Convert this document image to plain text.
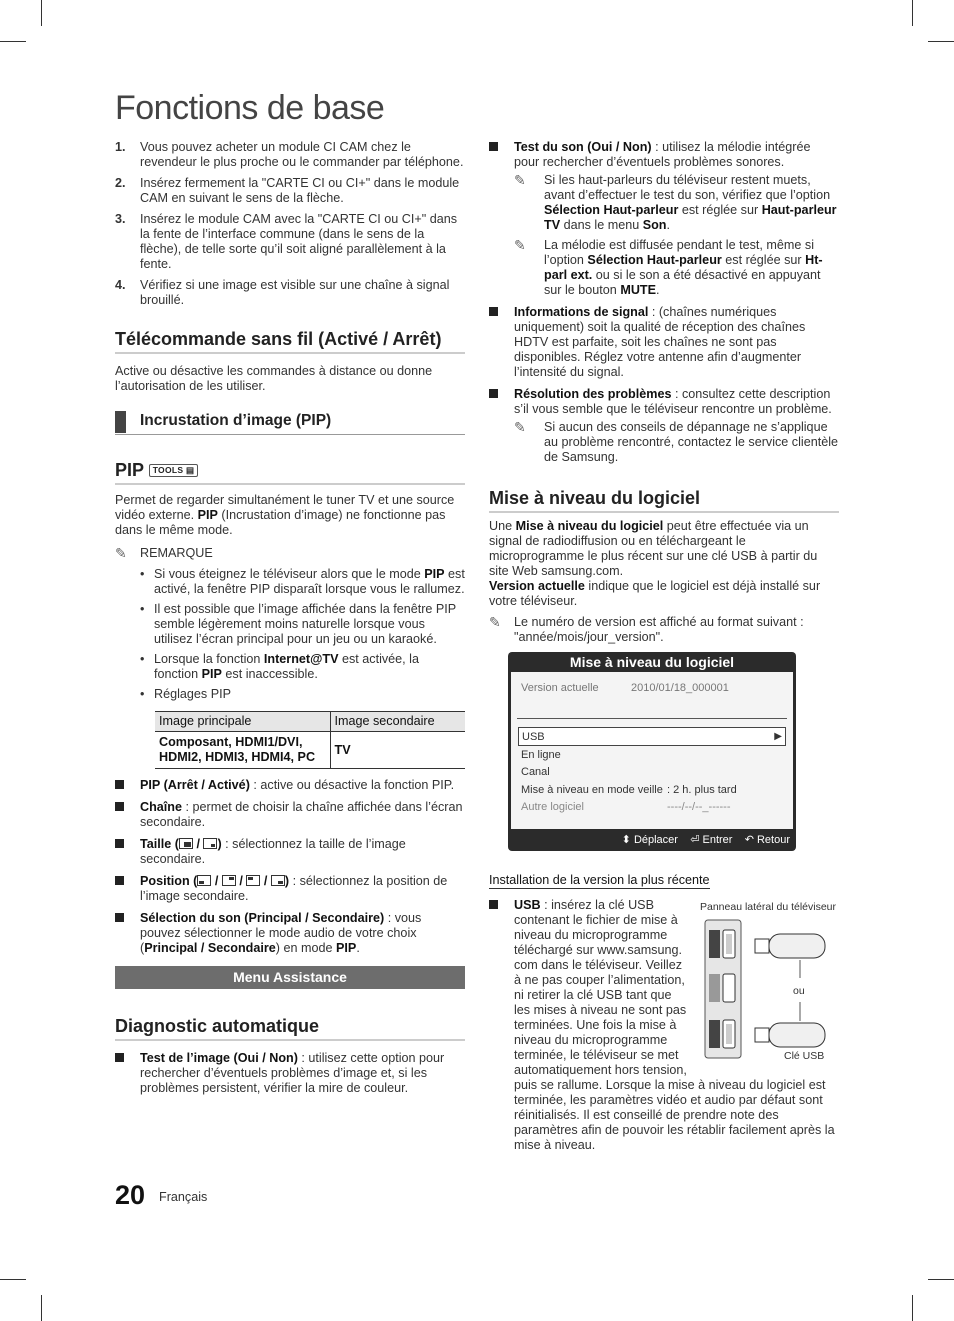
Fonctions de base
1. Vous pouvez acheter un module CI CAM chez le revendeur le plus proche ou le commander par téléphone.
2. Insérez fermement la "CARTE CI ou CI+" dans le module CAM en suivant le sens de la flèche.
3. Insérez le module CAM avec la "CARTE CI ou CI+" dans la fente de l’interface commune (dans le sens de la flèche), de telle sorte qu’il soit aligné parallèlement à la fente.
4. Vérifiez si une image est visible sur une chaîne à signal brouillé.
Télécommande sans fil (Activé / Arrêt)

Active ou désactive les commandes à distance ou donne l’autorisation de les utiliser.

Incrustation d’image (PIP)
PIP TOOLS ▤

Permet de regarder simultanément le tuner TV et une source vidéo externe. PIP (Incrustation d’image) ne fonctionne pas dans le même mode.

✎ REMARQUE
• Si vous éteignez le téléviseur alors que le mode PIP est activé, la fenêtre PIP disparaît lorsque vous le rallumez.
• Il est possible que l’image affichée dans la fenêtre PIP semble légèrement moins naturelle lorsque vous utilisez l’écran principal pour un jeu ou un karaoké.
• Lorsque la fonction Internet@TV est activée, la fonction PIP est inaccessible.
• Réglages PIP
Image principale	Image secondaire
Composant, HDMI1/DVI, HDMI2, HDMI3, HDMI4, PC	TV
PIP (Arrêt / Activé) : active ou désactive la fonction PIP.
Chaîne : permet de choisir la chaîne affichée dans l’écran secondaire.
Taille (
/
) : sélectionnez la taille de l’image secondaire.
Position (
/
/
/
) : sélectionnez la position de l’image secondaire.
Sélection du son (Principal / Secondaire) : vous pouvez sélectionner le mode audio de votre choix (Principal / Secondaire) en mode PIP.
Menu Assistance
Diagnostic automatique
Test de l’image (Oui / Non) : utilisez cette option pour rechercher d’éventuels problèmes d’image et, si les problèmes persistent, vérifier la mire de couleur.
Test du son (Oui / Non) : utilisez la mélodie intégrée pour rechercher d’éventuels problèmes sonores.
✎ Si les haut-parleurs du téléviseur restent muets, avant d’effectuer le test du son, vérifiez que l’option Sélection Haut-parleur est réglée sur Haut-parleur TV dans le menu Son.
✎ La mélodie est diffusée pendant le test, même si l’option Sélection Haut-parleur est réglée sur Ht-parl ext. ou si le son a été désactivé en appuyant sur le bouton MUTE.
Informations de signal : (chaînes numériques uniquement) soit la qualité de réception des chaînes HDTV est parfaite, soit les chaînes ne sont pas disponibles. Réglez votre antenne afin d’augmenter l’intensité du signal.
Résolution des problèmes : consultez cette description s’il vous semble que le téléviseur rencontre un problème.
✎ Si aucun des conseils de dépannage ne s’applique au problème rencontré, contactez le service clientèle de Samsung.
Mise à niveau du logiciel

Une Mise à niveau du logiciel peut être effectuée via un signal de radiodiffusion ou en téléchargeant le microprogramme le plus récent sur une clé USB à partir du site Web samsung.com.

Version actuelle indique que le logiciel est déjà installé sur votre téléviseur.

✎ Le numéro de version est affiché au format suivant : "année/mois/jour_version".
Mise à niveau du logiciel
Version actuelle	2010/01/18_000001
USB	▶
En ligne
Canal
Mise à niveau en mode veille : 2 h. plus tard
Autre logiciel	----/--/--_------
⬍ Déplacer ⏎ Entrer ↶ Retour
Installation de la version la plus récente
USB : insérez la clé USB contenant le fichier de mise à niveau du microprogramme téléchargé sur www.samsung. com dans le téléviseur. Veillez à ne pas couper l’alimentation, ni retirer la clé USB tant que les mises à niveau ne sont pas terminées. Une fois la mise à niveau du microprogramme terminée, le téléviseur se met automatiquement hors tension,
puis se rallume. Lorsque la mise à niveau du logiciel est terminée, les paramètres vidéo et audio par défaut sont réinitialisés. Il est conseillé de prendre note des paramètres afin de pouvoir les rétablir facilement après la mise à niveau.
Panneau latéral du téléviseur
ou
Clé USB
20 Français
